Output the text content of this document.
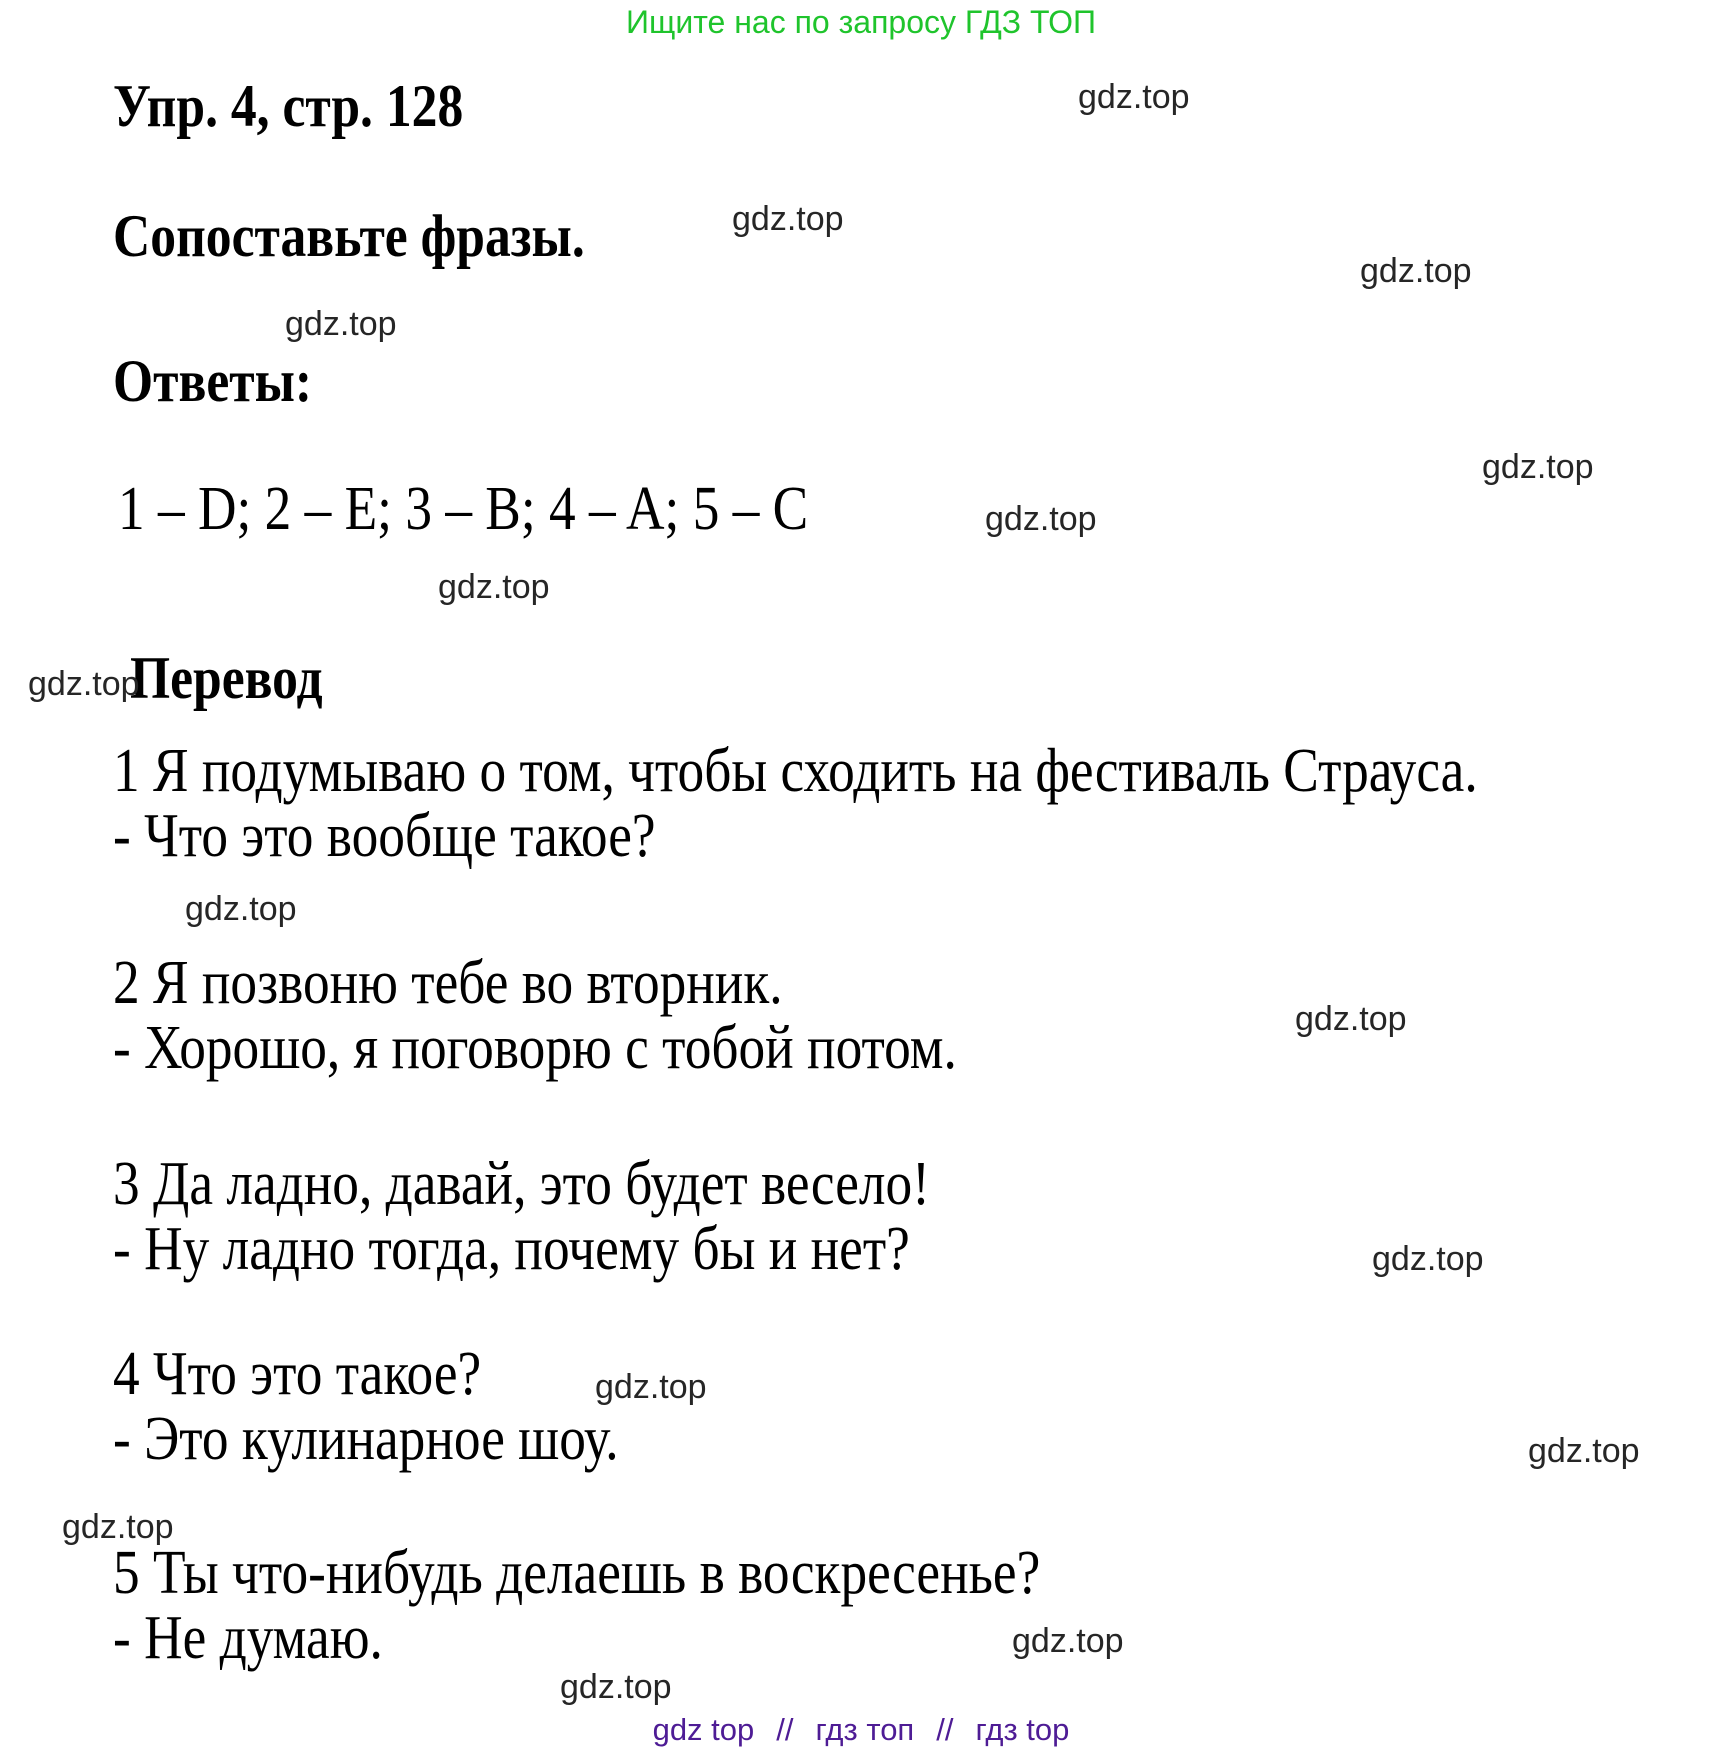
Ищите нас по запросу ГДЗ ТОП
Упр. 4, стр. 128
Сопоставьте фразы.
Ответы:
1 – D; 2 – E; 3 – B; 4 – A; 5 – C
Перевод
1 Я подумываю о том, чтобы сходить на фестиваль Страуса.
- Что это вообще такое?
2 Я позвоню тебе во вторник.
- Хорошо, я поговорю с тобой потом.
3 Да ладно, давай, это будет весело!
- Ну ладно тогда, почему бы и нет?
4 Что это такое?
- Это кулинарное шоу.
5 Ты что-нибудь делаешь в воскресенье?
- Не думаю.
gdz.top
gdz.top
gdz.top
gdz.top
gdz.top
gdz.top
gdz.top
gdz.top
gdz.top
gdz.top
gdz.top
gdz.top
gdz.top
gdz.top
gdz.top
gdz.top
gdz top // гдз топ // гдз top
